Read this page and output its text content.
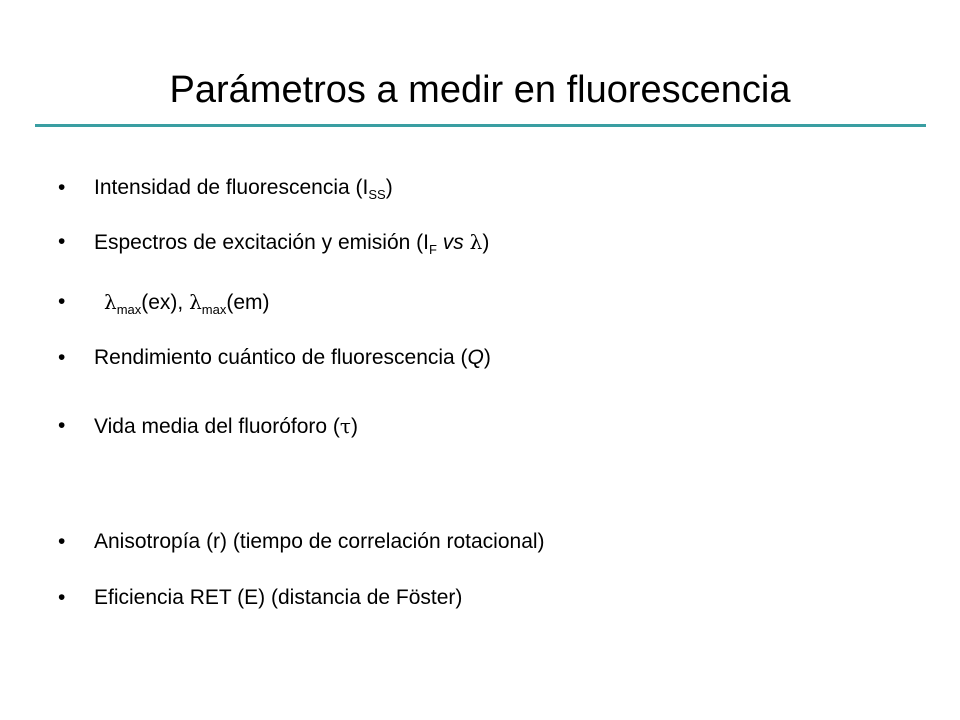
Parámetros a medir en fluorescencia
•	Intensidad de fluorescencia $(I_{SS})$
•	Espectros de excitación y emisión ($I_F$ vs λ)
•	$\lambda_{max}(ex)$, $\lambda_{max}(em)$
•	Rendimiento cuántico de fluorescencia (Q)
•	Vida media del fluoróforo (τ)
•	Anisotropía (r) (tiempo de correlación rotacional)
•	Eficiencia RET (E) (distancia de Föster)
